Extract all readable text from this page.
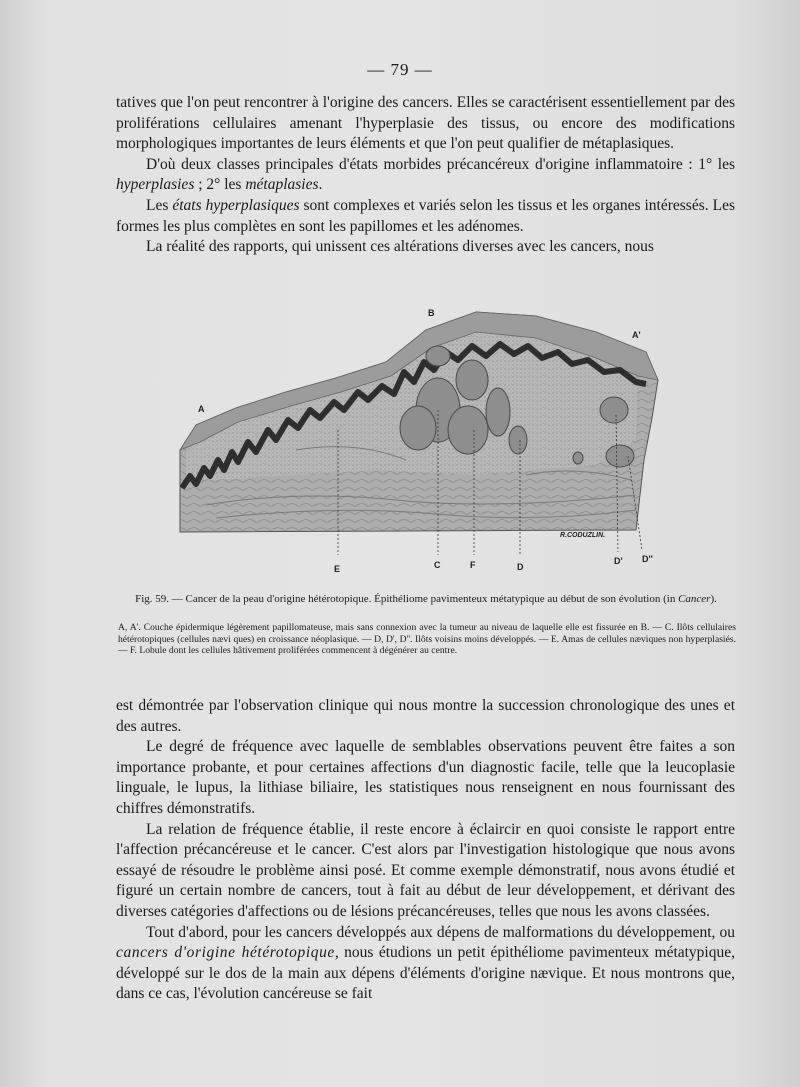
— 79 —

tatives que l'on peut rencontrer à l'origine des cancers. Elles se caractérisent essentiellement par des proliférations cellulaires amenant l'hyperplasie des tissus, ou encore des modifications morphologiques importantes de leurs éléments et que l'on peut qualifier de métaplasiques.

D'où deux classes principales d'états morbides précancéreux d'origine inflammatoire : 1° les hyperplasies ; 2° les métaplasies.

Les états hyperplasiques sont complexes et variés selon les tissus et les organes intéressés. Les formes les plus complètes en sont les papillomes et les adénomes.

La réalité des rapports, qui unissent ces altérations diverses avec les cancers, nous

A
A'
B
C	F	D
D' D''
E
R.CODUZLIN.
Fig. 59. — Cancer de la peau d'origine hétérotopique. Épithéliome pavimenteux métatypique au début de son évolution (in Cancer).
A, A'. Couche épidermique légèrement papillomateuse, mais sans connexion avec la tumeur au niveau de laquelle elle est fissurée en B. — C. Ilôts cellulaires hétérotopiques (cellules nævi ques) en croissance néoplasique. — D, D', D''. Ilôts voisins moins développés. — E. Amas de cellules næviques non hyperplasiés. — F. Lobule dont les cellules hâtivement proliférées commencent à dégénérer au centre.

est démontrée par l'observation clinique qui nous montre la succession chronologique des unes et des autres.

Le degré de fréquence avec laquelle de semblables observations peuvent être faites a son importance probante, et pour certaines affections d'un diagnostic facile, telle que la leucoplasie linguale, le lupus, la lithiase biliaire, les statistiques nous renseignent en nous fournissant des chiffres démonstratifs.

La relation de fréquence établie, il reste encore à éclaircir en quoi consiste le rapport entre l'affection précancéreuse et le cancer. C'est alors par l'investigation histologique que nous avons essayé de résoudre le problème ainsi posé. Et comme exemple démonstratif, nous avons étudié et figuré un certain nombre de cancers, tout à fait au début de leur développement, et dérivant des diverses catégories d'affections ou de lésions précancéreuses, telles que nous les avons classées.

Tout d'abord, pour les cancers développés aux dépens de malformations du développement, ou cancers d'origine hétérotopique, nous étudions un petit épithéliome pavimenteux métatypique, développé sur le dos de la main aux dépens d'éléments d'origine nævique. Et nous montrons que, dans ce cas, l'évolution cancéreuse se fait
